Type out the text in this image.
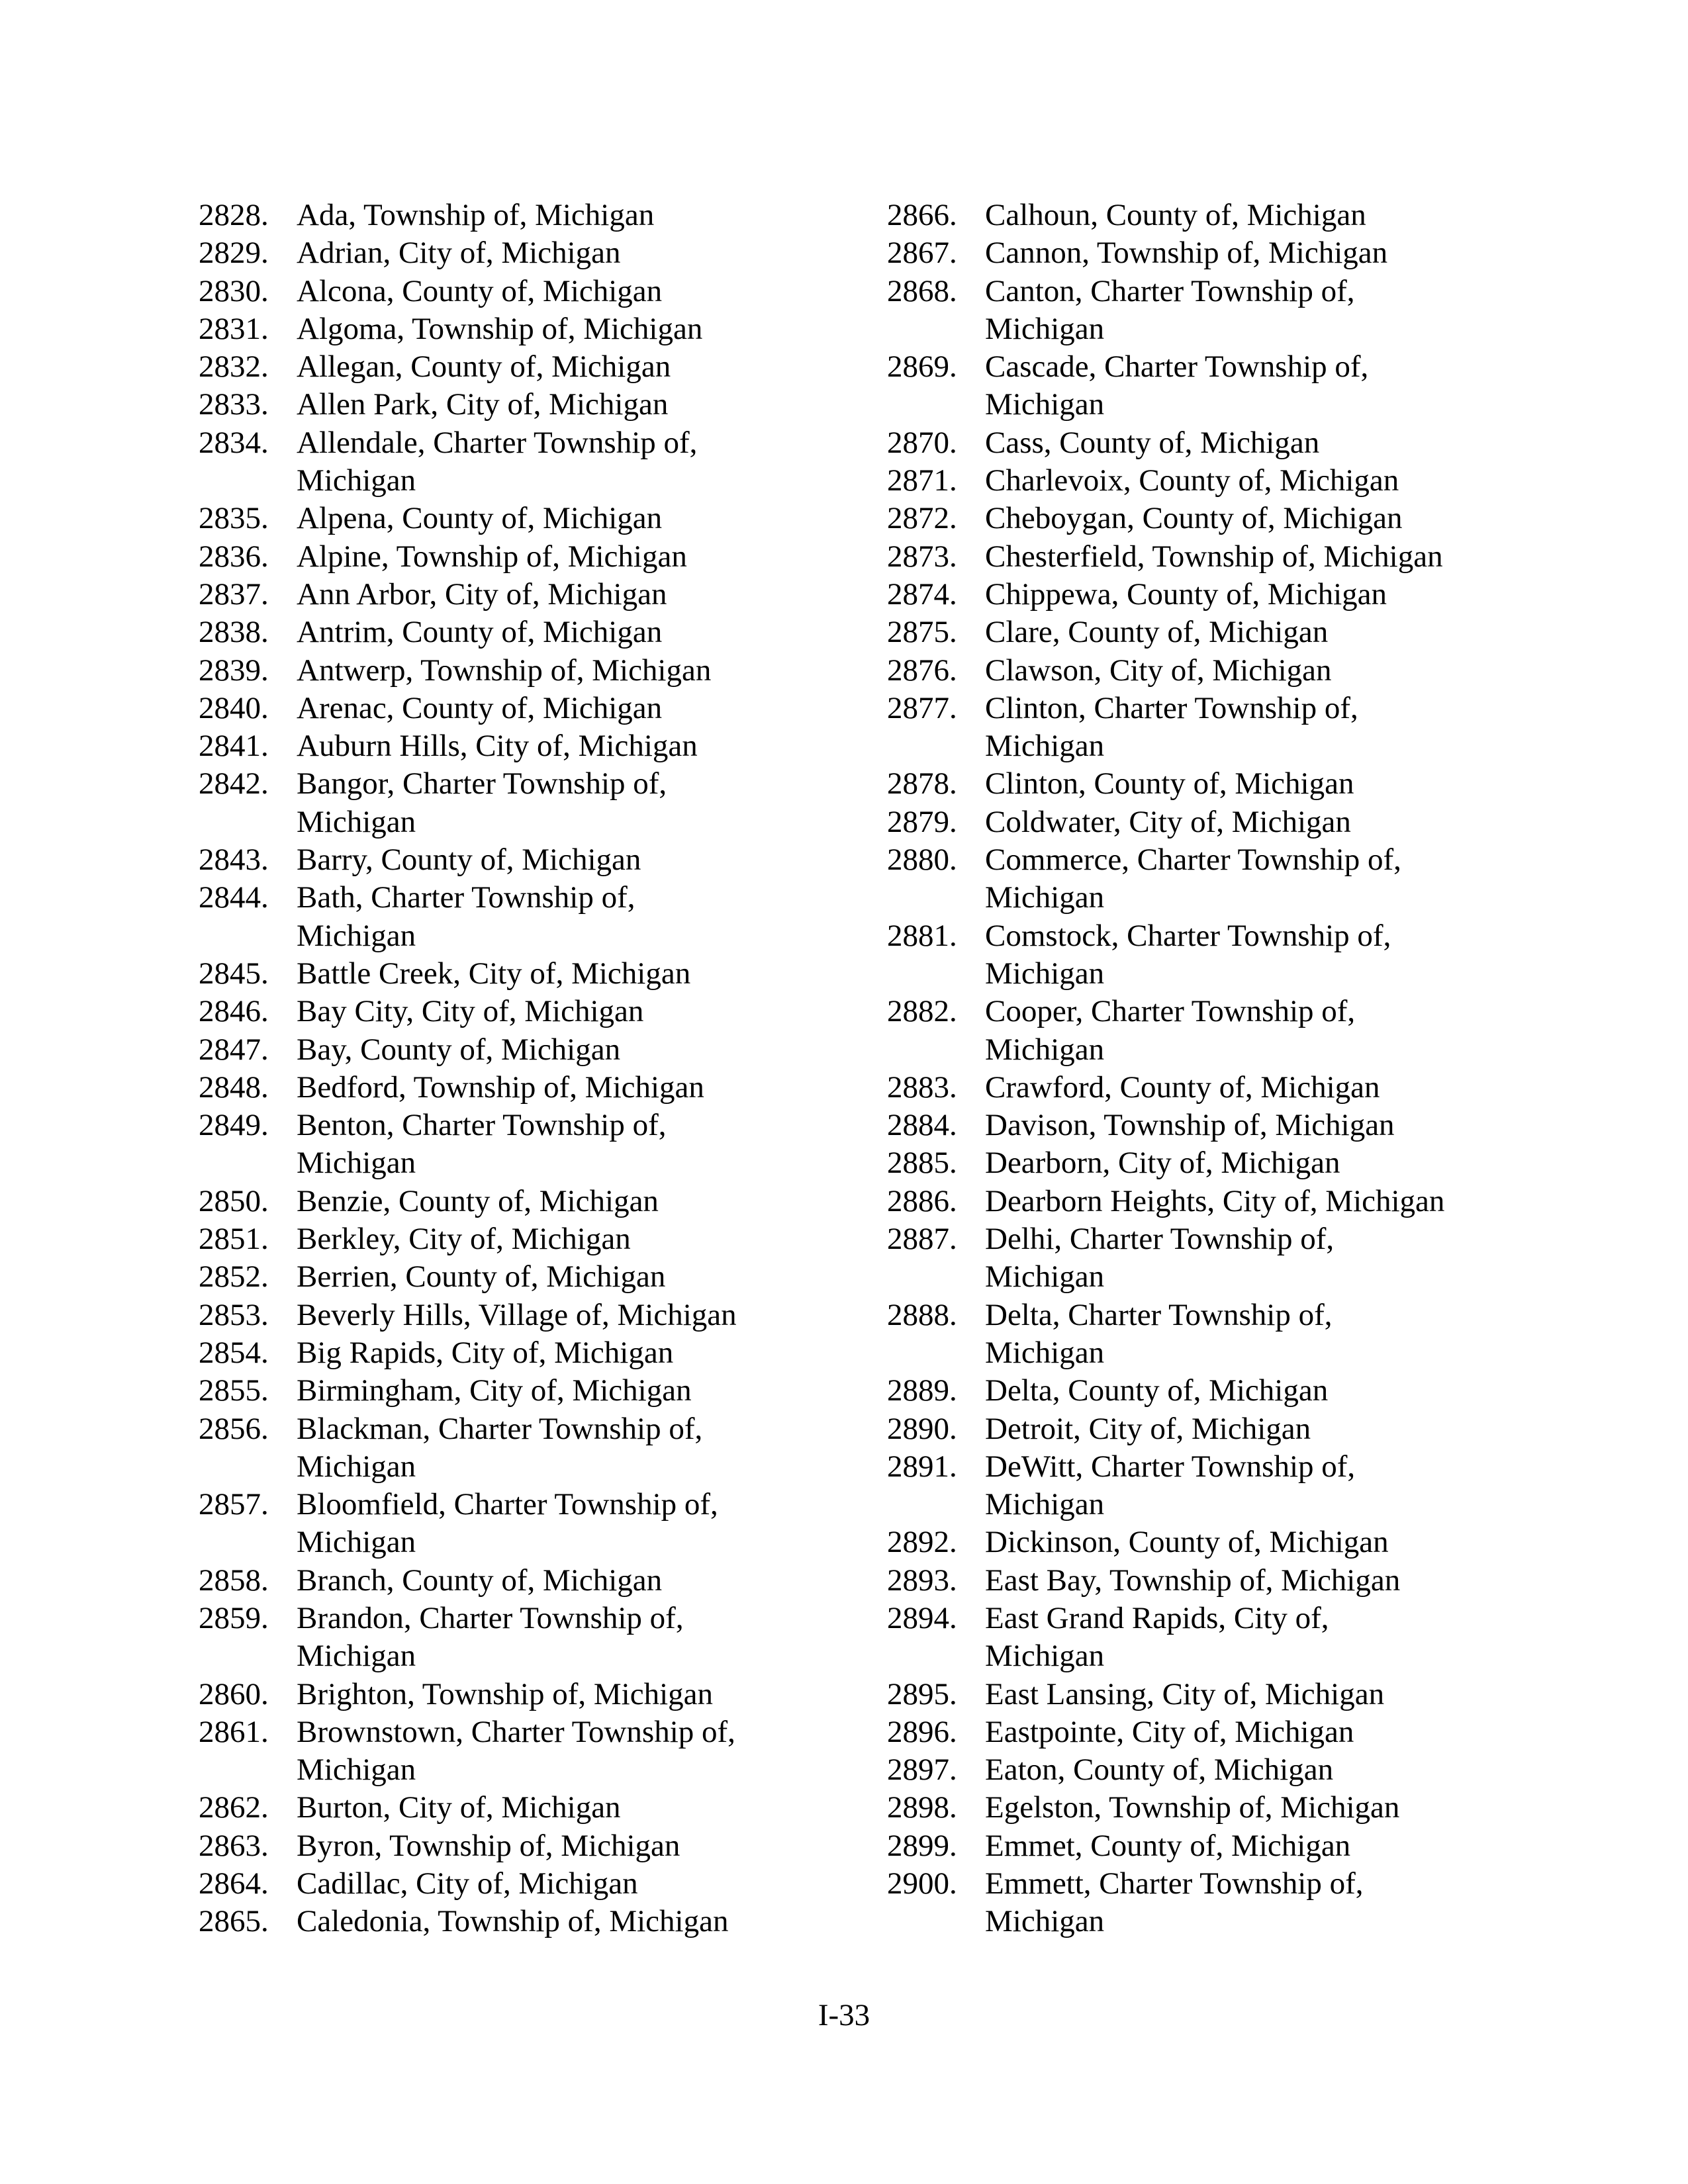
2828. Ada, Township of, Michigan
2829. Adrian, City of, Michigan
2830. Alcona, County of, Michigan
2831. Algoma, Township of, Michigan
2832. Allegan, County of, Michigan
2833. Allen Park, City of, Michigan
2834. Allendale, Charter Township of,
Michigan
2835. Alpena, County of, Michigan
2836. Alpine, Township of, Michigan
2837. Ann Arbor, City of, Michigan
2838. Antrim, County of, Michigan
2839. Antwerp, Township of, Michigan
2840. Arenac, County of, Michigan
2841. Auburn Hills, City of, Michigan
2842. Bangor, Charter Township of,
Michigan
2843. Barry, County of, Michigan
2844. Bath, Charter Township of,
Michigan
2845. Battle Creek, City of, Michigan
2846. Bay City, City of, Michigan
2847. Bay, County of, Michigan
2848. Bedford, Township of, Michigan
2849. Benton, Charter Township of,
Michigan
2850. Benzie, County of, Michigan
2851. Berkley, City of, Michigan
2852. Berrien, County of, Michigan
2853. Beverly Hills, Village of, Michigan
2854. Big Rapids, City of, Michigan
2855. Birmingham, City of, Michigan
2856. Blackman, Charter Township of,
Michigan
2857. Bloomfield, Charter Township of,
Michigan
2858. Branch, County of, Michigan
2859. Brandon, Charter Township of,
Michigan
2860. Brighton, Township of, Michigan
2861. Brownstown, Charter Township of,
Michigan
2862. Burton, City of, Michigan
2863. Byron, Township of, Michigan
2864. Cadillac, City of, Michigan
2865. Caledonia, Township of, Michigan
2866. Calhoun, County of, Michigan
2867. Cannon, Township of, Michigan
2868. Canton, Charter Township of,
Michigan
2869. Cascade, Charter Township of,
Michigan
2870. Cass, County of, Michigan
2871. Charlevoix, County of, Michigan
2872. Cheboygan, County of, Michigan
2873. Chesterfield, Township of, Michigan
2874. Chippewa, County of, Michigan
2875. Clare, County of, Michigan
2876. Clawson, City of, Michigan
2877. Clinton, Charter Township of,
Michigan
2878. Clinton, County of, Michigan
2879. Coldwater, City of, Michigan
2880. Commerce, Charter Township of,
Michigan
2881. Comstock, Charter Township of,
Michigan
2882. Cooper, Charter Township of,
Michigan
2883. Crawford, County of, Michigan
2884. Davison, Township of, Michigan
2885. Dearborn, City of, Michigan
2886. Dearborn Heights, City of, Michigan
2887. Delhi, Charter Township of,
Michigan
2888. Delta, Charter Township of,
Michigan
2889. Delta, County of, Michigan
2890. Detroit, City of, Michigan
2891. DeWitt, Charter Township of,
Michigan
2892. Dickinson, County of, Michigan
2893. East Bay, Township of, Michigan
2894. East Grand Rapids, City of,
Michigan
2895. East Lansing, City of, Michigan
2896. Eastpointe, City of, Michigan
2897. Eaton, County of, Michigan
2898. Egelston, Township of, Michigan
2899. Emmet, County of, Michigan
2900. Emmett, Charter Township of,
Michigan
I-33
